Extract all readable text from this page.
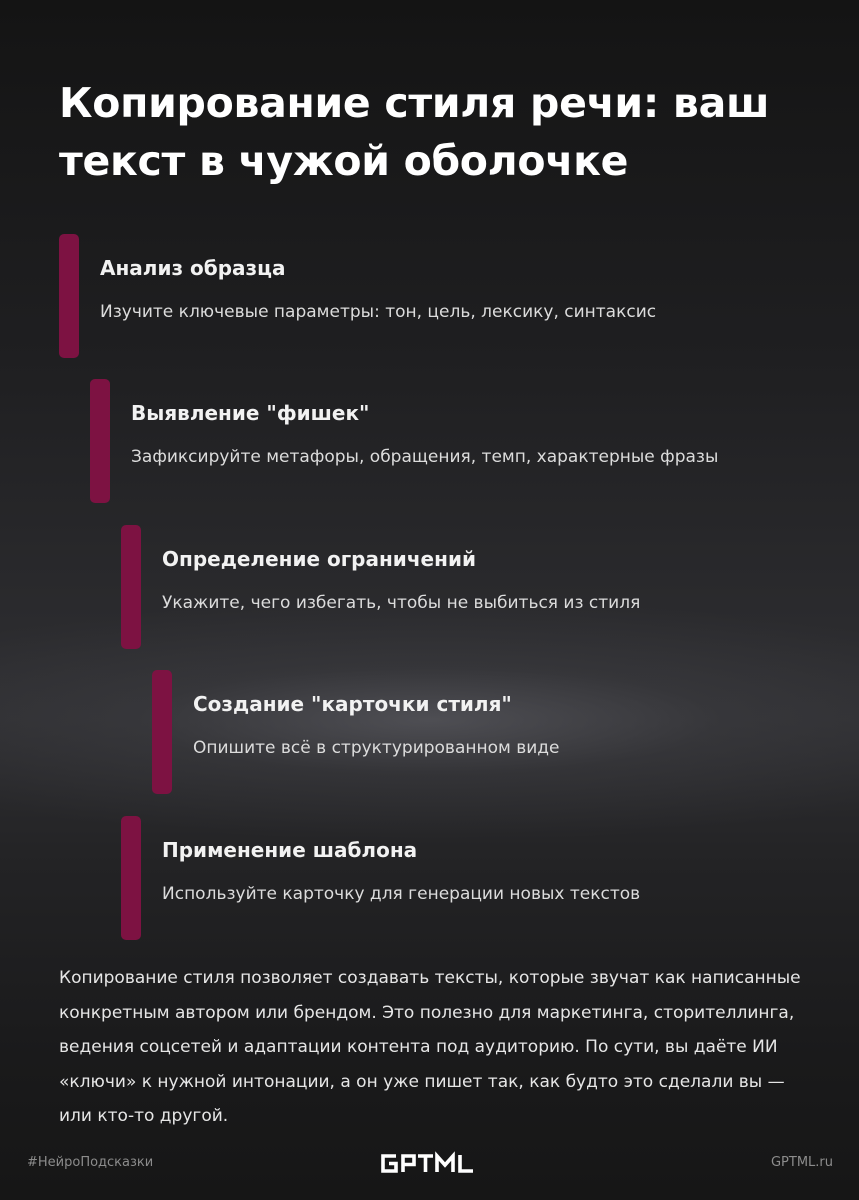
Копирование стиля речи: ваш текст в чужой оболочке
Анализ образца
Изучите ключевые параметры: тон, цель, лексику, синтаксис
Выявление "фишек"
Зафиксируйте метафоры, обращения, темп, характерные фразы
Определение ограничений
Укажите, чего избегать, чтобы не выбиться из стиля
Создание "карточки стиля"
Опишите всё в структурированном виде
Применение шаблона
Используйте карточку для генерации новых текстов

Копирование стиля позволяет создавать тексты, которые звучат как написанные конкретным автором или брендом. Это полезно для маркетинга, сторителлинга, ведения соцсетей и адаптации контента под аудиторию. По сути, вы даёте ИИ «ключи» к нужной интонации, а он уже пишет так, как будто это сделали вы — или кто-то другой.

#НейроПодсказки	GPTML.ru
